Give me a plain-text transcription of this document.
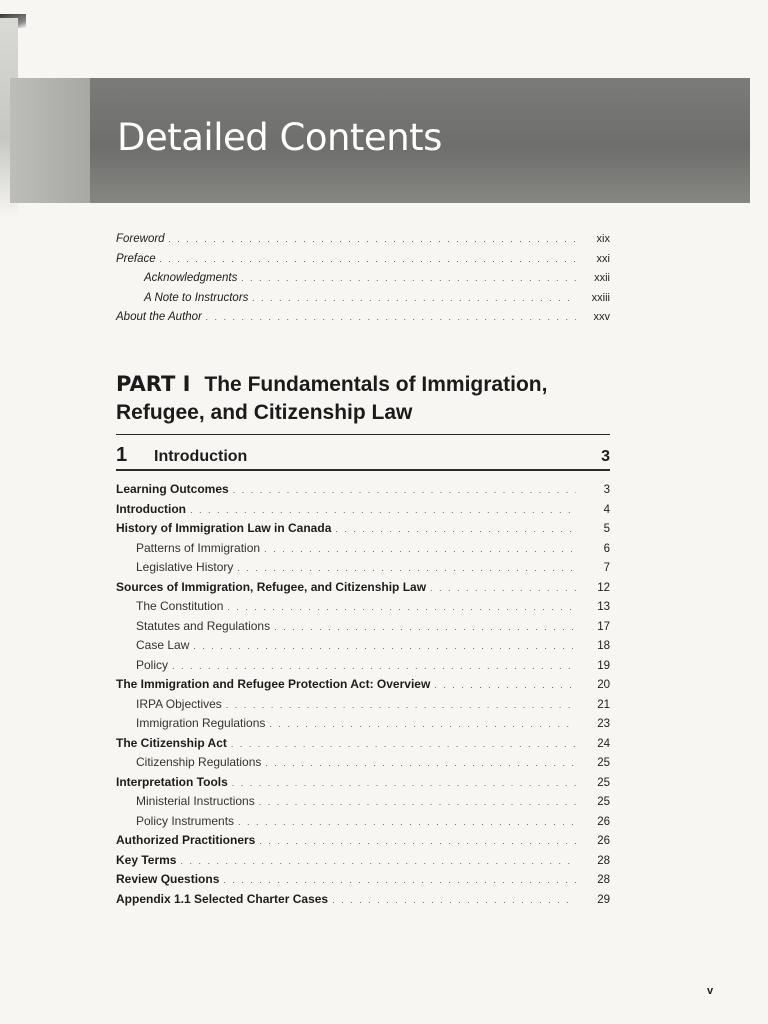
Detailed Contents
Foreword . . .	xix
Preface . . .	xxi
Acknowledgments . . .	xxii
A Note to Instructors . . .	xxiii
About the Author . . .	xxv
PART I The Fundamentals of Immigration, Refugee, and Citizenship Law
1	Introduction	3
Learning Outcomes . . .	3
Introduction . . .	4
History of Immigration Law in Canada . . .	5
Patterns of Immigration . . .	6
Legislative History . . .	7
Sources of Immigration, Refugee, and Citizenship Law . . .	12
The Constitution . . .	13
Statutes and Regulations . . .	17
Case Law . . .	18
Policy . . .	19
The Immigration and Refugee Protection Act: Overview . . .	20
IRPA Objectives . . .	21
Immigration Regulations . . .	23
The Citizenship Act . . .	24
Citizenship Regulations . . .	25
Interpretation Tools . . .	25
Ministerial Instructions . . .	25
Policy Instruments . . .	26
Authorized Practitioners . . .	26
Key Terms . . .	28
Review Questions . . .	28
Appendix 1.1 Selected Charter Cases . . .	29
v
